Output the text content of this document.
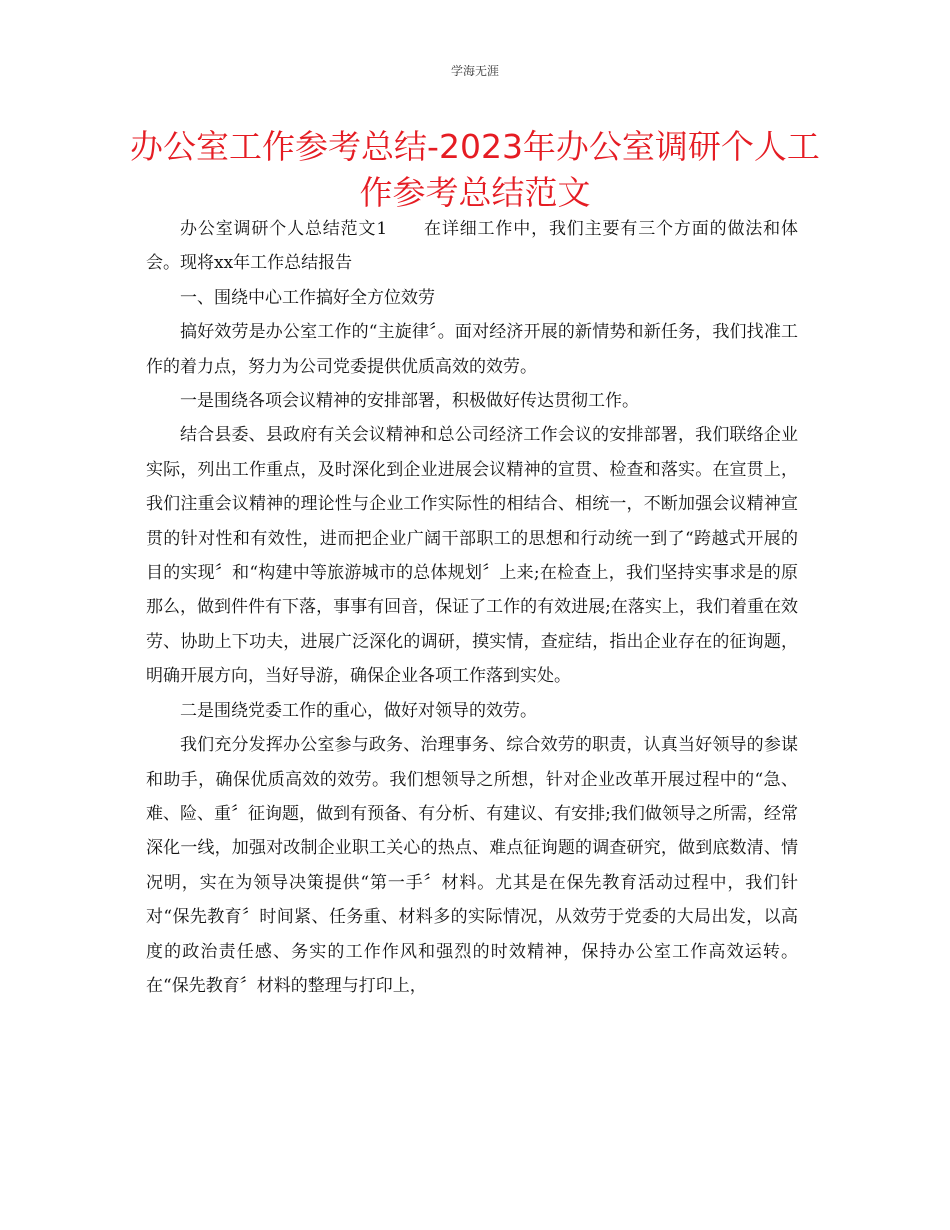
学海无涯
办公室工作参考总结-2023年办公室调研个人工作参考总结范文

办公室调研个人总结范文1 在详细工作中，我们主要有三个方面的做法和体会。现将xx年工作总结报告

一、围绕中心工作搞好全方位效劳

搞好效劳是办公室工作的“主旋律〞。面对经济开展的新情势和新任务，我们找准工作的着力点，努力为公司党委提供优质高效的效劳。

一是围绕各项会议精神的安排部署，积极做好传达贯彻工作。

结合县委、县政府有关会议精神和总公司经济工作会议的安排部署，我们联络企业实际，列出工作重点，及时深化到企业进展会议精神的宣贯、检查和落实。在宣贯上，我们注重会议精神的理论性与企业工作实际性的相结合、相统一，不断加强会议精神宣贯的针对性和有效性，进而把企业广阔干部职工的思想和行动统一到了“跨越式开展的目的实现〞和“构建中等旅游城市的总体规划〞上来;在检查上，我们坚持实事求是的原那么，做到件件有下落，事事有回音，保证了工作的有效进展;在落实上，我们着重在效劳、协助上下功夫，进展广泛深化的调研，摸实情，查症结，指出企业存在的征询题，明确开展方向，当好导游，确保企业各项工作落到实处。

二是围绕党委工作的重心，做好对领导的效劳。

我们充分发挥办公室参与政务、治理事务、综合效劳的职责，认真当好领导的参谋和助手，确保优质高效的效劳。我们想领导之所想，针对企业改革开展过程中的“急、难、险、重〞征询题，做到有预备、有分析、有建议、有安排;我们做领导之所需，经常深化一线，加强对改制企业职工关心的热点、难点征询题的调查研究，做到底数清、情况明，实在为领导决策提供“第一手〞材料。尤其是在保先教育活动过程中，我们针对“保先教育〞时间紧、任务重、材料多的实际情况，从效劳于党委的大局出发，以高度的政治责任感、务实的工作作风和强烈的时效精神，保持办公室工作高效运转。在“保先教育〞材料的整理与打印上，
